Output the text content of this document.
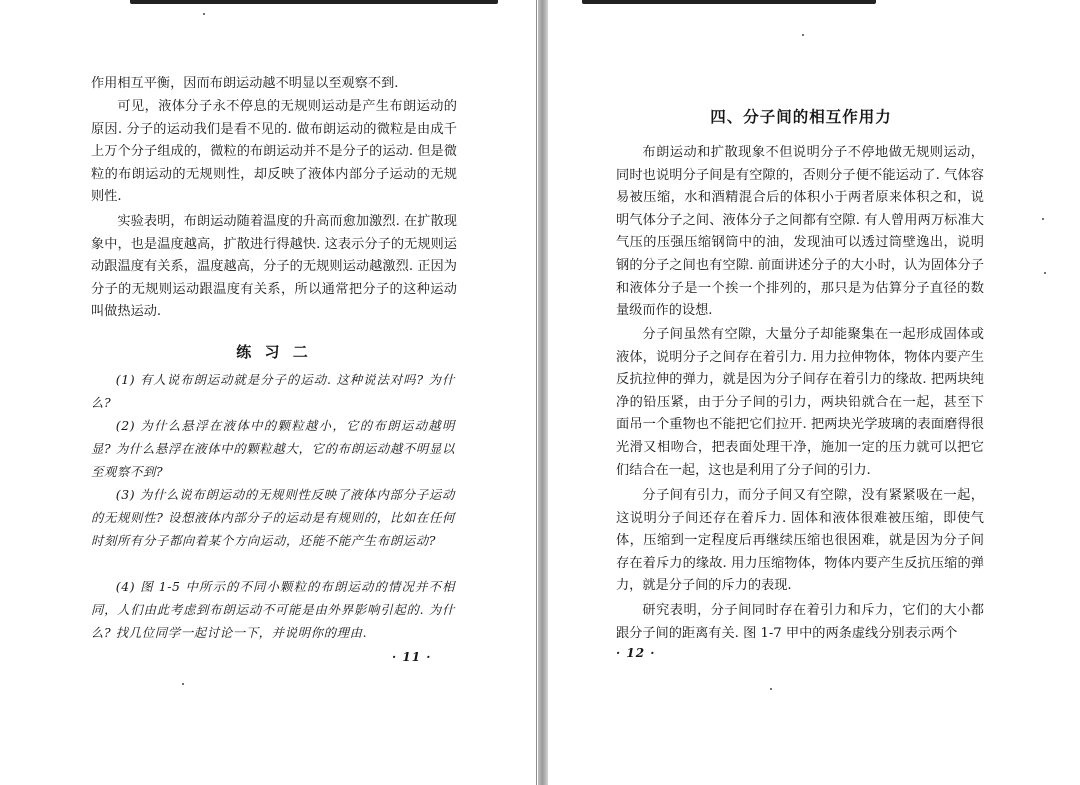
作用相互平衡，因而布朗运动越不明显以至观察不到.

可见，液体分子永不停息的无规则运动是产生布朗运动的原因. 分子的运动我们是看不见的. 做布朗运动的微粒是由成千上万个分子组成的，微粒的布朗运动并不是分子的运动. 但是微粒的布朗运动的无规则性，却反映了液体内部分子运动的无规则性.

实验表明，布朗运动随着温度的升高而愈加激烈. 在扩散现象中，也是温度越高，扩散进行得越快. 这表示分子的无规则运动跟温度有关系，温度越高，分子的无规则运动越激烈. 正因为分子的无规则运动跟温度有关系，所以通常把分子的这种运动叫做热运动.

练 习 二

(1) 有人说布朗运动就是分子的运动. 这种说法对吗? 为什么?

(2) 为什么悬浮在液体中的颗粒越小，它的布朗运动越明显? 为什么悬浮在液体中的颗粒越大，它的布朗运动越不明显以至观察不到?

(3) 为什么说布朗运动的无规则性反映了液体内部分子运动的无规则性? 设想液体内部分子的运动是有规则的，比如在任何时刻所有分子都向着某个方向运动，还能不能产生布朗运动?

(4) 图 1-5 中所示的不同小颗粒的布朗运动的情况并不相同，人们由此考虑到布朗运动不可能是由外界影响引起的. 为什么? 找几位同学一起讨论一下，并说明你的理由.

· 11 ·

四、分子间的相互作用力

布朗运动和扩散现象不但说明分子不停地做无规则运动，同时也说明分子间是有空隙的，否则分子便不能运动了. 气体容易被压缩，水和酒精混合后的体积小于两者原来体积之和，说明气体分子之间、液体分子之间都有空隙. 有人曾用两万标准大气压的压强压缩钢筒中的油，发现油可以透过筒壁逸出，说明钢的分子之间也有空隙. 前面讲述分子的大小时，认为固体分子和液体分子是一个挨一个排列的，那只是为估算分子直径的数量级而作的设想.

分子间虽然有空隙，大量分子却能聚集在一起形成固体或液体，说明分子之间存在着引力. 用力拉伸物体，物体内要产生反抗拉伸的弹力，就是因为分子间存在着引力的缘故. 把两块纯净的铅压紧，由于分子间的引力，两块铅就合在一起，甚至下面吊一个重物也不能把它们拉开. 把两块光学玻璃的表面磨得很光滑又相吻合，把表面处理干净，施加一定的压力就可以把它们结合在一起，这也是利用了分子间的引力.

分子间有引力，而分子间又有空隙，没有紧紧吸在一起，这说明分子间还存在着斥力. 固体和液体很难被压缩，即使气体，压缩到一定程度后再继续压缩也很困难，就是因为分子间存在着斥力的缘故. 用力压缩物体，物体内要产生反抗压缩的弹力，就是分子间的斥力的表现.

研究表明，分子间同时存在着引力和斥力，它们的大小都跟分子间的距离有关. 图 1-7 甲中的两条虚线分别表示两个

· 12 ·
